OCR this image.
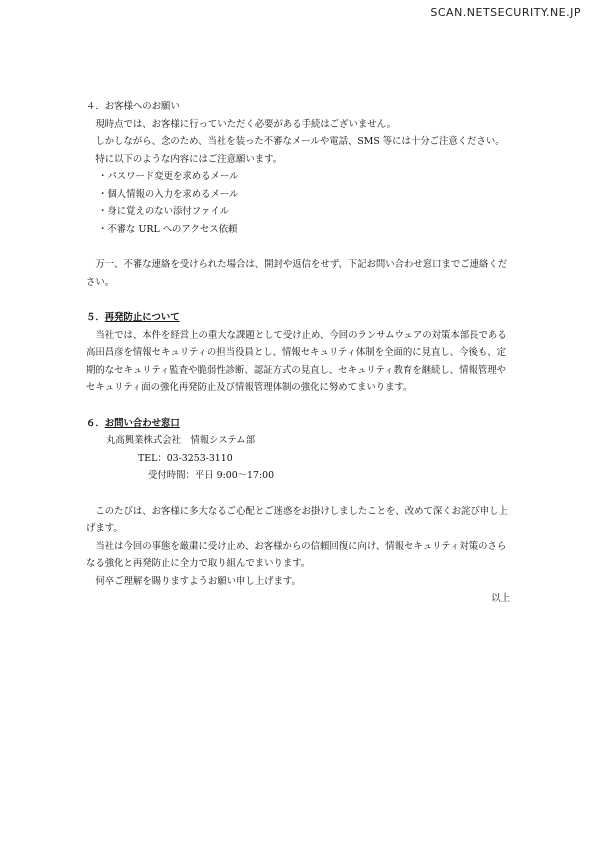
SCAN.NETSECURITY.NE.JP

４．お客様へのお願い

現時点では、お客様に行っていただく必要がある手続はございません。

しかしながら、念のため、当社を装った不審なメールや電話、SMS 等には十分ご注意ください。

特に以下のような内容にはご注意願います。

・パスワード変更を求めるメール

・個人情報の入力を求めるメール

・身に覚えのない添付ファイル

・不審な URL へのアクセス依頼

万一、不審な連絡を受けられた場合は、開封や返信をせず、下記お問い合わせ窓口までご連絡ください。

５．再発防止について

当社では、本件を経営上の重大な課題として受け止め、今回のランサムウェアの対策本部長である高田昌彦を情報セキュリティの担当役員とし、情報セキュリティ体制を全面的に見直し、今後も、定期的なセキュリティ監査や脆弱性診断、認証方式の見直し、セキュリティ教育を継続し、情報管理やセキュリティ面の強化再発防止及び情報管理体制の強化に努めてまいります。

６．お問い合わせ窓口

丸高興業株式会社　情報システム部

TEL：03-3253-3110

受付時間：平日 9:00～17:00

このたびは、お客様に多大なるご心配とご迷惑をお掛けしましたことを、改めて深くお詫び申し上げます。

当社は今回の事態を厳粛に受け止め、お客様からの信頼回復に向け、情報セキュリティ対策のさらなる強化と再発防止に全力で取り組んでまいります。

何卒ご理解を賜りますようお願い申し上げます。

以上
